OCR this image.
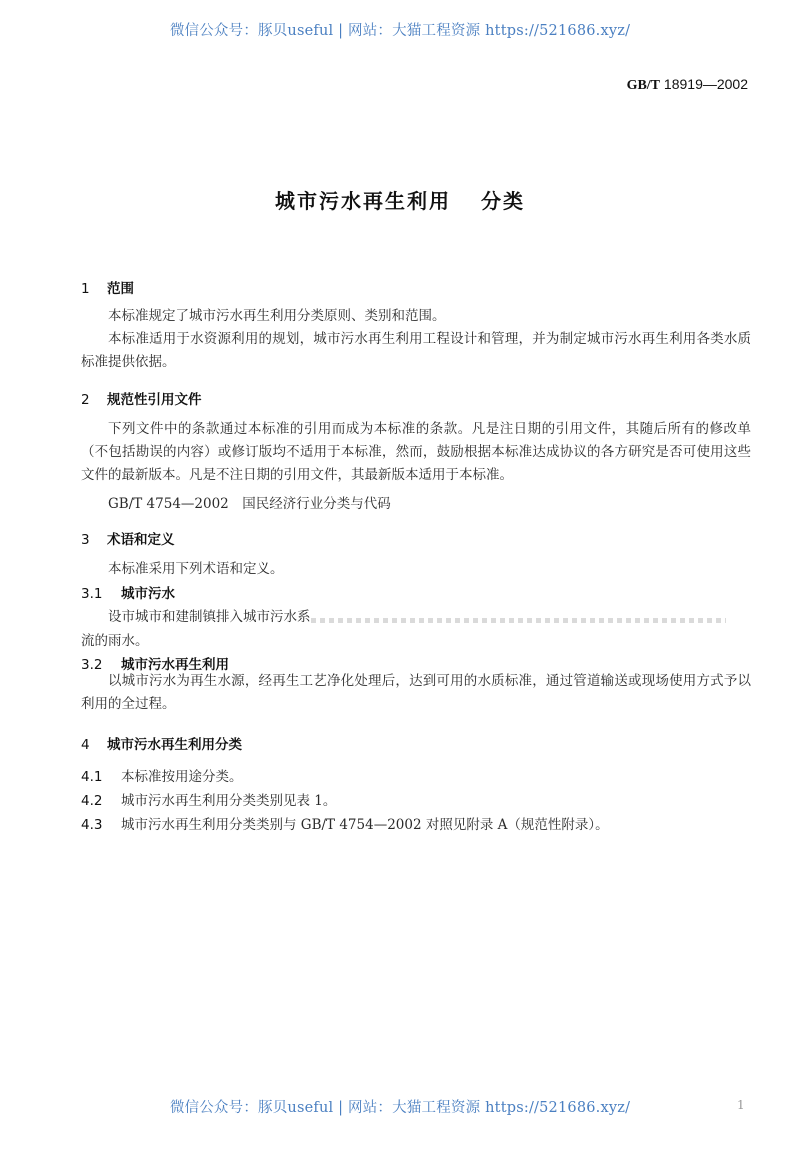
微信公众号：豚贝useful | 网站：大猫工程资源 https://521686.xyz/
GB/T 18919—2002
城市污水再生利用 分类
1 范围
本标准规定了城市污水再生利用分类原则、类别和范围。
本标准适用于水资源利用的规划，城市污水再生利用工程设计和管理，并为制定城市污水再生利用各类水质标准提供依据。
2 规范性引用文件
下列文件中的条款通过本标准的引用而成为本标准的条款。凡是注日期的引用文件，其随后所有的修改单（不包括勘误的内容）或修订版均不适用于本标准，然而，鼓励根据本标准达成协议的各方研究是否可使用这些文件的最新版本。凡是不注日期的引用文件，其最新版本适用于本标准。
GB/T 4754—2002　国民经济行业分类与代码
3 术语和定义
本标准采用下列术语和定义。
3.1 城市污水
设市城市和建制镇排入城市污水系
流的雨水。
3.2 城市污水再生利用
以城市污水为再生水源，经再生工艺净化处理后，达到可用的水质标准，通过管道输送或现场使用方式予以利用的全过程。
4 城市污水再生利用分类
4.1 本标准按用途分类。
4.2 城市污水再生利用分类类别见表 1。
4.3 城市污水再生利用分类类别与 GB/T 4754—2002 对照见附录 A（规范性附录）。
微信公众号：豚贝useful | 网站：大猫工程资源 https://521686.xyz/	1
